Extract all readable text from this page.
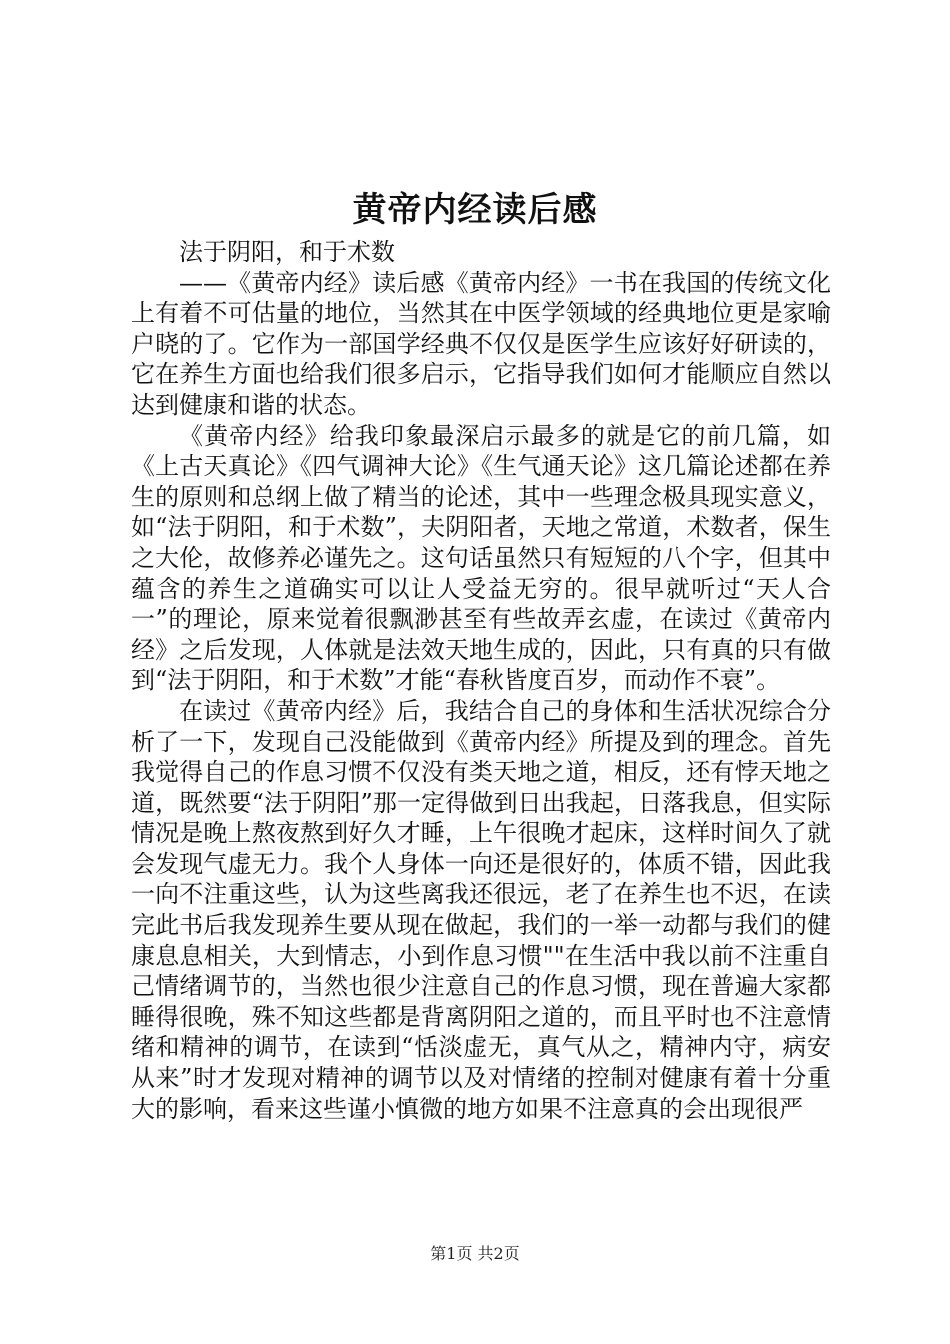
黄帝内经读后感

法于阴阳，和于术数

——《黄帝内经》读后感《黄帝内经》一书在我国的传统文化上有着不可估量的地位，当然其在中医学领域的经典地位更是家喻户晓的了。它作为一部国学经典不仅仅是医学生应该好好研读的，它在养生方面也给我们很多启示，它指导我们如何才能顺应自然以达到健康和谐的状态。

《黄帝内经》给我印象最深启示最多的就是它的前几篇，如《上古天真论》《四气调神大论》《生气通天论》这几篇论述都在养生的原则和总纲上做了精当的论述，其中一些理念极具现实意义，如“法于阴阳，和于术数”，夫阴阳者，天地之常道，术数者，保生之大伦，故修养必谨先之。这句话虽然只有短短的八个字，但其中蕴含的养生之道确实可以让人受益无穷的。很早就听过“天人合一”的理论，原来觉着很飘渺甚至有些故弄玄虚，在读过《黄帝内经》之后发现，人体就是法效天地生成的，因此，只有真的只有做到“法于阴阳，和于术数”才能“春秋皆度百岁，而动作不衰”。

在读过《黄帝内经》后，我结合自己的身体和生活状况综合分析了一下，发现自己没能做到《黄帝内经》所提及到的理念。首先我觉得自己的作息习惯不仅没有类天地之道，相反，还有悖天地之道，既然要“法于阴阳”那一定得做到日出我起，日落我息，但实际情况是晚上熬夜熬到好久才睡，上午很晚才起床，这样时间久了就会发现气虚无力。我个人身体一向还是很好的，体质不错，因此我一向不注重这些，认为这些离我还很远，老了在养生也不迟，在读完此书后我发现养生要从现在做起，我们的一举一动都与我们的健康息息相关，大到情志，小到作息习惯""在生活中我以前不注重自己情绪调节的，当然也很少注意自己的作息习惯，现在普遍大家都睡得很晚，殊不知这些都是背离阴阳之道的，而且平时也不注意情绪和精神的调节，在读到“恬淡虚无，真气从之，精神内守，病安从来”时才发现对精神的调节以及对情绪的控制对健康有着十分重大的影响，看来这些谨小慎微的地方如果不注意真的会出现很严

第1页 共2页
